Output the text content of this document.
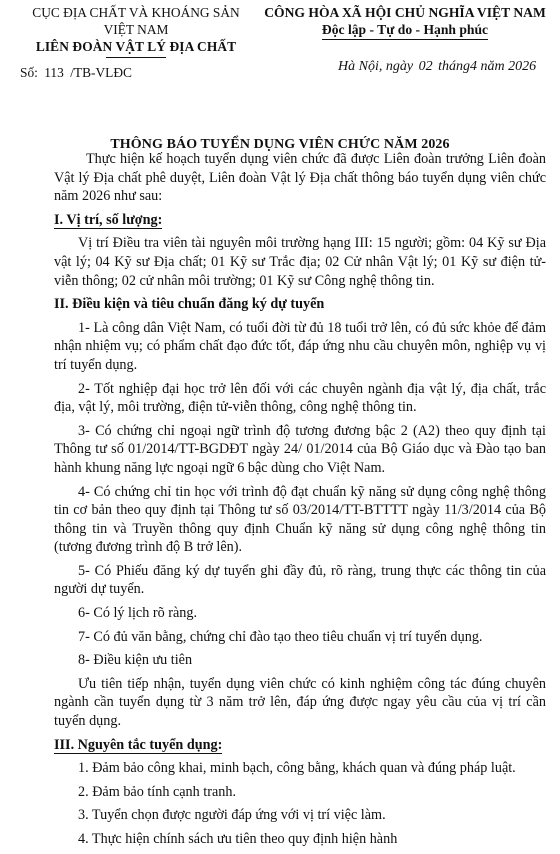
CỤC ĐỊA CHẤT VÀ KHOÁNG SẢN
VIỆT NAM
LIÊN ĐOÀN VẬT LÝ ĐỊA CHẤT
Số: 113 /TB-VLĐC
CÔNG HÒA XÃ HỘI CHỦ NGHĨA VIỆT NAM
Độc lập - Tự do - Hạnh phúc
Hà Nội, ngày 02 tháng4 năm 2026
THÔNG BÁO TUYỂN DỤNG VIÊN CHỨC NĂM 2026

Thực hiện kế hoạch tuyển dụng viên chức đã được Liên đoàn trưởng Liên đoàn Vật lý Địa chất phê duyệt, Liên đoàn Vật lý Địa chất thông báo tuyển dụng viên chức năm 2026 như sau:

I. Vị trí, số lượng:

Vị trí Điều tra viên tài nguyên môi trường hạng III: 15 người; gồm: 04 Kỹ sư Địa vật lý; 04 Kỹ sư Địa chất; 01 Kỹ sư Trắc địa; 02 Cử nhân Vật lý; 01 Kỹ sư điện tử-viễn thông; 02 cử nhân môi trường; 01 Kỹ sư Công nghệ thông tin.

II. Điều kiện và tiêu chuẩn đăng ký dự tuyển

1- Là công dân Việt Nam, có tuổi đời từ đủ 18 tuổi trở lên, có đủ sức khỏe để đảm nhận nhiệm vụ; có phẩm chất đạo đức tốt, đáp ứng nhu cầu chuyên môn, nghiệp vụ vị trí tuyển dụng.

2- Tốt nghiệp đại học trở lên đối với các chuyên ngành địa vật lý, địa chất, trắc địa, vật lý, môi trường, điện tử-viễn thông, công nghệ thông tin.

3- Có chứng chỉ ngoại ngữ trình độ tương đương bậc 2 (A2) theo quy định tại Thông tư số 01/2014/TT-BGDĐT ngày 24/ 01/2014 của Bộ Giáo dục và Đào tạo ban hành khung năng lực ngoại ngữ 6 bậc dùng cho Việt Nam.

4- Có chứng chỉ tin học với trình độ đạt chuẩn kỹ năng sử dụng công nghệ thông tin cơ bản theo quy định tại Thông tư số 03/2014/TT-BTTTT ngày 11/3/2014 của Bộ thông tin và Truyền thông quy định Chuẩn kỹ năng sử dụng công nghệ thông tin (tương đương trình độ B trở lên).

5- Có Phiếu đăng ký dự tuyển ghi đầy đủ, rõ ràng, trung thực các thông tin của người dự tuyển.

6- Có lý lịch rõ ràng.

7- Có đủ văn bằng, chứng chỉ đào tạo theo tiêu chuẩn vị trí tuyển dụng.

8- Điều kiện ưu tiên

Ưu tiên tiếp nhận, tuyển dụng viên chức có kinh nghiệm công tác đúng chuyên ngành cần tuyển dụng từ 3 năm trở lên, đáp ứng được ngay yêu cầu của vị trí cần tuyển dụng.

III. Nguyên tắc tuyển dụng:

1. Đảm bảo công khai, minh bạch, công bằng, khách quan và đúng pháp luật.

2. Đảm bảo tính cạnh tranh.

3. Tuyển chọn được người đáp ứng với vị trí việc làm.

4. Thực hiện chính sách ưu tiên theo quy định hiện hành
